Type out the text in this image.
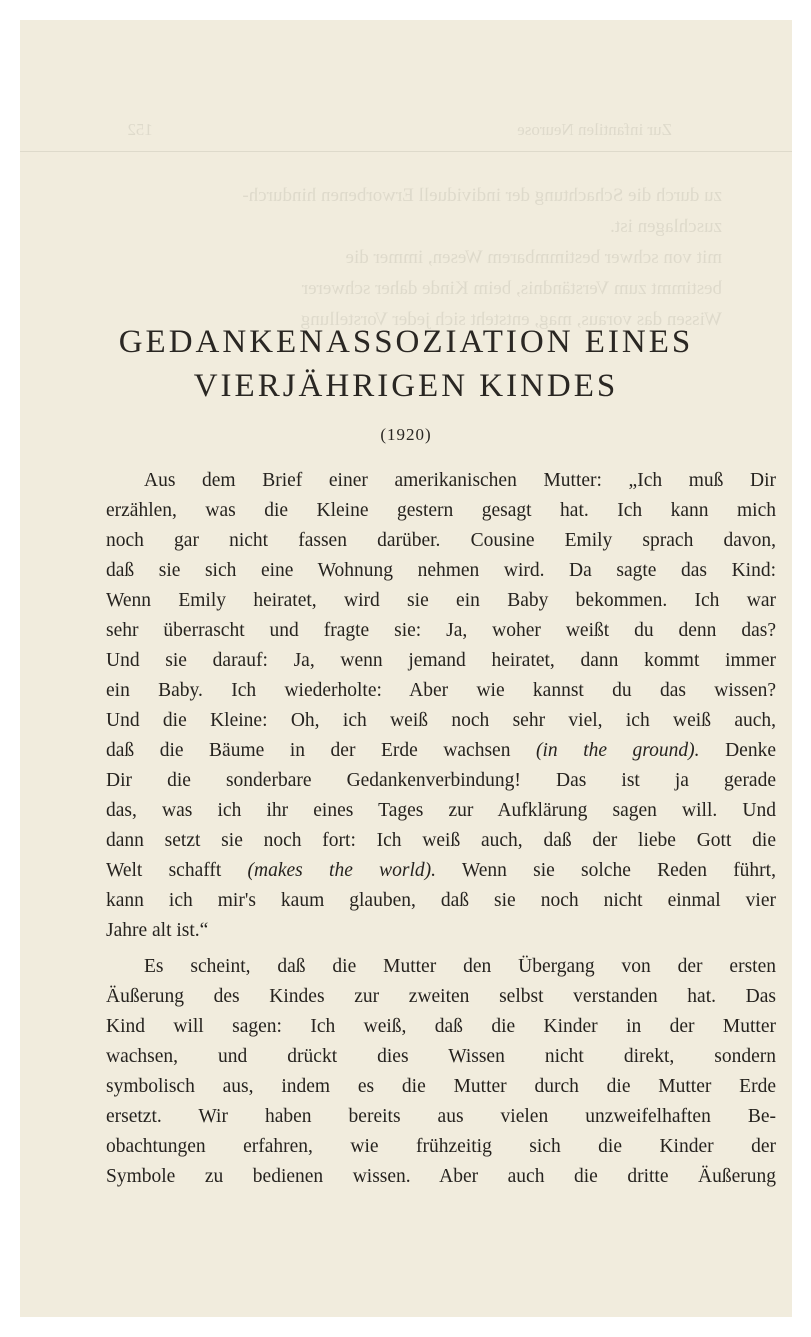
Zur infantilen Neurose 152
zu durch die Schachtung der individuell Erworbenen hindurch-
zuschlagen ist.
mit von schwer bestimmbarem Wesen, immer die
bestimmt zum Verständnis, beim Kinde daher schwerer
Wissen das voraus, mag, entsteht sich jeder Vorstellung
GEDANKENASSOZIATION EINES
VIERJÄHRIGEN KINDES
(1920)
Aus dem Brief einer amerikanischen Mutter: „Ich muß Dir
erzählen, was die Kleine gestern gesagt hat. Ich kann mich
noch gar nicht fassen darüber. Cousine Emily sprach davon,
daß sie sich eine Wohnung nehmen wird. Da sagte das Kind:
Wenn Emily heiratet, wird sie ein Baby bekommen. Ich war
sehr überrascht und fragte sie: Ja, woher weißt du denn das?
Und sie darauf: Ja, wenn jemand heiratet, dann kommt immer
ein Baby. Ich wiederholte: Aber wie kannst du das wissen?
Und die Kleine: Oh, ich weiß noch sehr viel, ich weiß auch,
daß die Bäume in der Erde wachsen (in the ground). Denke
Dir die sonderbare Gedankenverbindung! Das ist ja gerade
das, was ich ihr eines Tages zur Aufklärung sagen will. Und
dann setzt sie noch fort: Ich weiß auch, daß der liebe Gott die
Welt schafft (makes the world). Wenn sie solche Reden führt,
kann ich mir's kaum glauben, daß sie noch nicht einmal vier
Jahre alt ist.“
Es scheint, daß die Mutter den Übergang von der ersten
Äußerung des Kindes zur zweiten selbst verstanden hat. Das
Kind will sagen: Ich weiß, daß die Kinder in der Mutter
wachsen, und drückt dies Wissen nicht direkt, sondern
symbolisch aus, indem es die Mutter durch die Mutter Erde
ersetzt. Wir haben bereits aus vielen unzweifelhaften Be-
obachtungen erfahren, wie frühzeitig sich die Kinder der
Symbole zu bedienen wissen. Aber auch die dritte Äußerung
